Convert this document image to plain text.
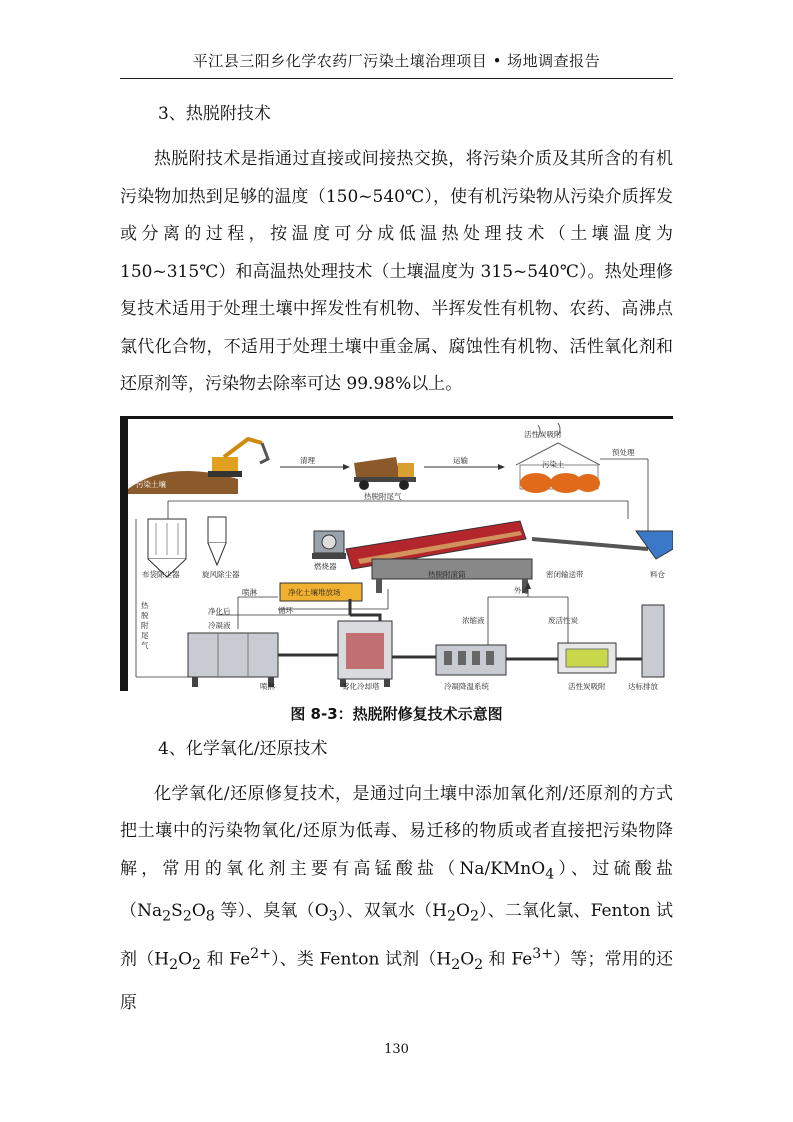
平江县三阳乡化学农药厂污染土壤治理项目 • 场地调查报告
3、热脱附技术

热脱附技术是指通过直接或间接热交换，将污染介质及其所含的有机污染物加热到足够的温度（150~540℃），使有机污染物从污染介质挥发或分离的过程，按温度可分成低温热处理技术（土壤温度为 150~315℃）和高温热处理技术（土壤温度为 315~540℃）。热处理修复技术适用于处理土壤中挥发性有机物、半挥发性有机物、农药、高沸点氯代化合物，不适用于处理土壤中重金属、腐蚀性有机物、活性氧化剂和还原剂等，污染物去除率可达 99.98%以上。

污染土壤
清理	运输
活性炭吸附
污染土
预处理
热脱附尾气
布袋除尘器	旋风除尘器
燃烧器
热脱附滚筒	密闭输送带	料仓
喷淋	净化土壤堆放场
热脱附尾气
净化后
冷凝液
循环
外运
浓缩液	废活性炭
喷淋	雾化冷却塔	冷凝降温系统	活性炭吸附	达标排放
图 8-3：热脱附修复技术示意图
4、化学氧化/还原技术

化学氧化/还原修复技术，是通过向土壤中添加氧化剂/还原剂的方式把土壤中的污染物氧化/还原为低毒、易迁移的物质或者直接把污染物降解，常用的氧化剂主要有高锰酸盐（Na/KMnO$_4$）、过硫酸盐（$Na_2S_2O_8$ 等）、臭氧$(O_3)$、双氧水$(H_2O_2)$、二氧化氯、Fenton 试剂（$H_2O_2$ 和 $Fe^{2+}$）、类 Fenton 试剂（$H_2O_2$ 和 $Fe^{3+}$）等；常用的还原

130
